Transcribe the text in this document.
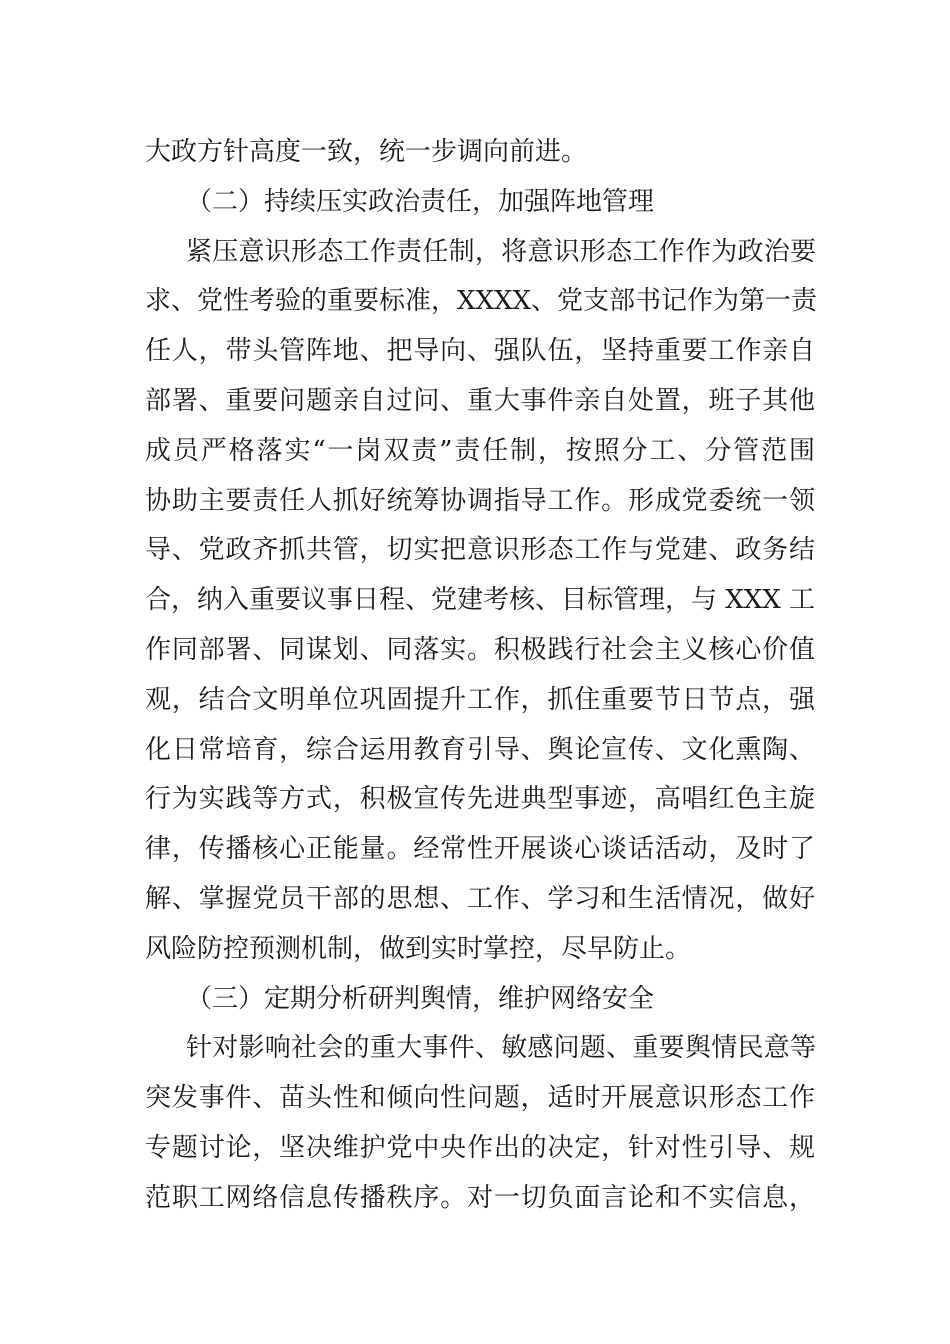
大政方针高度一致，统一步调向前进。
（二）持续压实政治责任，加强阵地管理
紧压意识形态工作责任制，将意识形态工作作为政治要
求、党性考验的重要标准，XXXX、党支部书记作为第一责
任人，带头管阵地、把导向、强队伍，坚持重要工作亲自
部署、重要问题亲自过问、重大事件亲自处置，班子其他
成员严格落实“一岗双责”责任制，按照分工、分管范围
协助主要责任人抓好统筹协调指导工作。形成党委统一领
导、党政齐抓共管，切实把意识形态工作与党建、政务结
合，纳入重要议事日程、党建考核、目标管理，与 XXX 工
作同部署、同谋划、同落实。积极践行社会主义核心价值
观，结合文明单位巩固提升工作，抓住重要节日节点，强
化日常培育，综合运用教育引导、舆论宣传、文化熏陶、
行为实践等方式，积极宣传先进典型事迹，高唱红色主旋
律，传播核心正能量。经常性开展谈心谈话活动，及时了
解、掌握党员干部的思想、工作、学习和生活情况，做好
风险防控预测机制，做到实时掌控，尽早防止。
（三）定期分析研判舆情，维护网络安全
针对影响社会的重大事件、敏感问题、重要舆情民意等
突发事件、苗头性和倾向性问题，适时开展意识形态工作
专题讨论，坚决维护党中央作出的决定，针对性引导、规
范职工网络信息传播秩序。对一切负面言论和不实信息，
